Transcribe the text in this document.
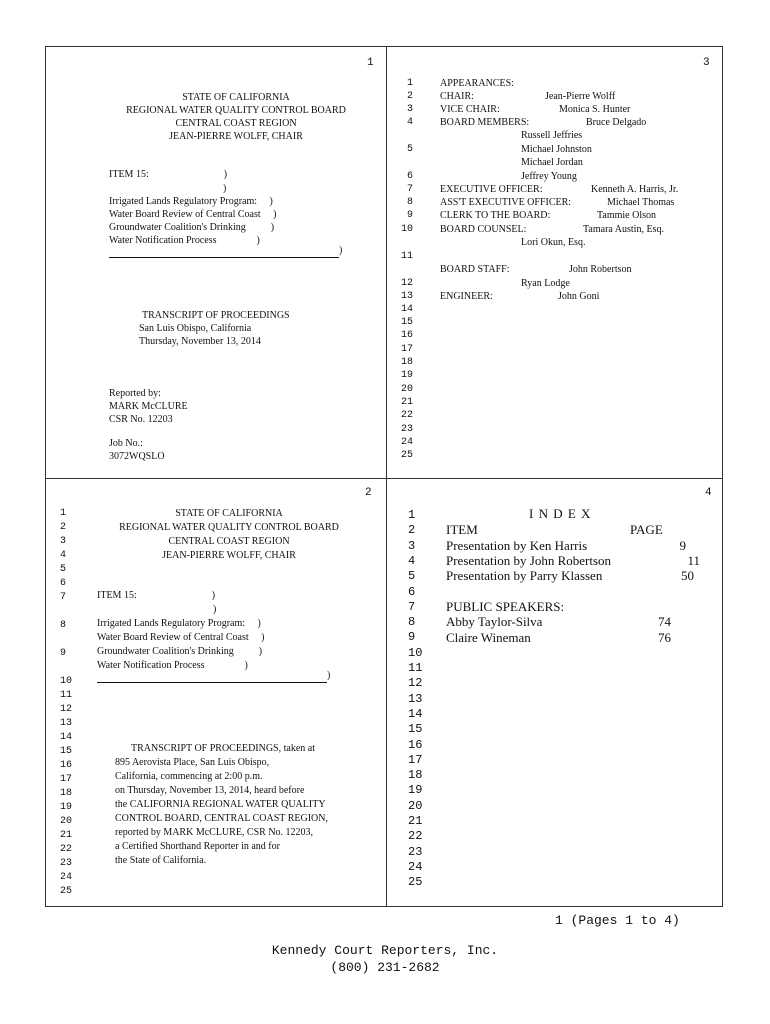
1
STATE OF CALIFORNIA
REGIONAL WATER QUALITY CONTROL BOARD
CENTRAL COAST REGION
JEAN-PIERRE WOLFF, CHAIR
ITEM 15:                              )
)
Irrigated Lands Regulatory Program:     )
Water Board Review of Central Coast     )
Groundwater Coalition's Drinking          )
Water Notification Process                )
)
TRANSCRIPT OF PROCEEDINGS
San Luis Obispo, California
Thursday, November 13, 2014
Reported by:
MARK McCLURE
CSR No. 12203
Job No.:
3072WQSLO
3
1
2
3
4
5
6
7
8
9
10
11
12
13
14
15
16
17
18
19
20
21
22
23
24
25
APPEARANCES:
CHAIR:	Jean-Pierre Wolff
VICE CHAIR:	Monica S. Hunter
BOARD MEMBERS:	Bruce Delgado
Russell Jeffries
Michael Johnston
Michael Jordan
Jeffrey Young
EXECUTIVE OFFICER:	Kenneth A. Harris, Jr.
ASS'T EXECUTIVE OFFICER:	Michael Thomas
CLERK TO THE BOARD:	Tammie Olson
BOARD COUNSEL:	Tamara Austin, Esq.
Lori Okun, Esq.
BOARD STAFF:	John Robertson
Ryan Lodge
ENGINEER:	John Goni
2
1
2
3
4
5
6
7
8
9
10
11
12
13
14
15
16
17
18
19
20
21
22
23
24
25
STATE OF CALIFORNIA
REGIONAL WATER QUALITY CONTROL BOARD
CENTRAL COAST REGION
JEAN-PIERRE WOLFF, CHAIR
ITEM 15:                              )
)
Irrigated Lands Regulatory Program:     )
Water Board Review of Central Coast     )
Groundwater Coalition's Drinking          )
Water Notification Process                )
)
TRANSCRIPT OF PROCEEDINGS, taken at
895 Aerovista Place, San Luis Obispo,
California, commencing at 2:00 p.m.
on Thursday, November 13, 2014, heard before
the CALIFORNIA REGIONAL WATER QUALITY
CONTROL BOARD, CENTRAL COAST REGION,
reported by MARK McCLURE, CSR No. 12203,
a Certified Shorthand Reporter in and for
the State of California.
4
1
2
3
4
5
6
7
8
9
10
11
12
13
14
15
16
17
18
19
20
21
22
23
24
25
I N D E X
ITEM	PAGE
Presentation by Ken Harris	9
Presentation by John Robertson	11
Presentation by Parry Klassen	50
PUBLIC SPEAKERS:
Abby Taylor-Silva	74
Claire Wineman	76
1 (Pages 1 to 4)
Kennedy Court Reporters, Inc.
(800) 231-2682
